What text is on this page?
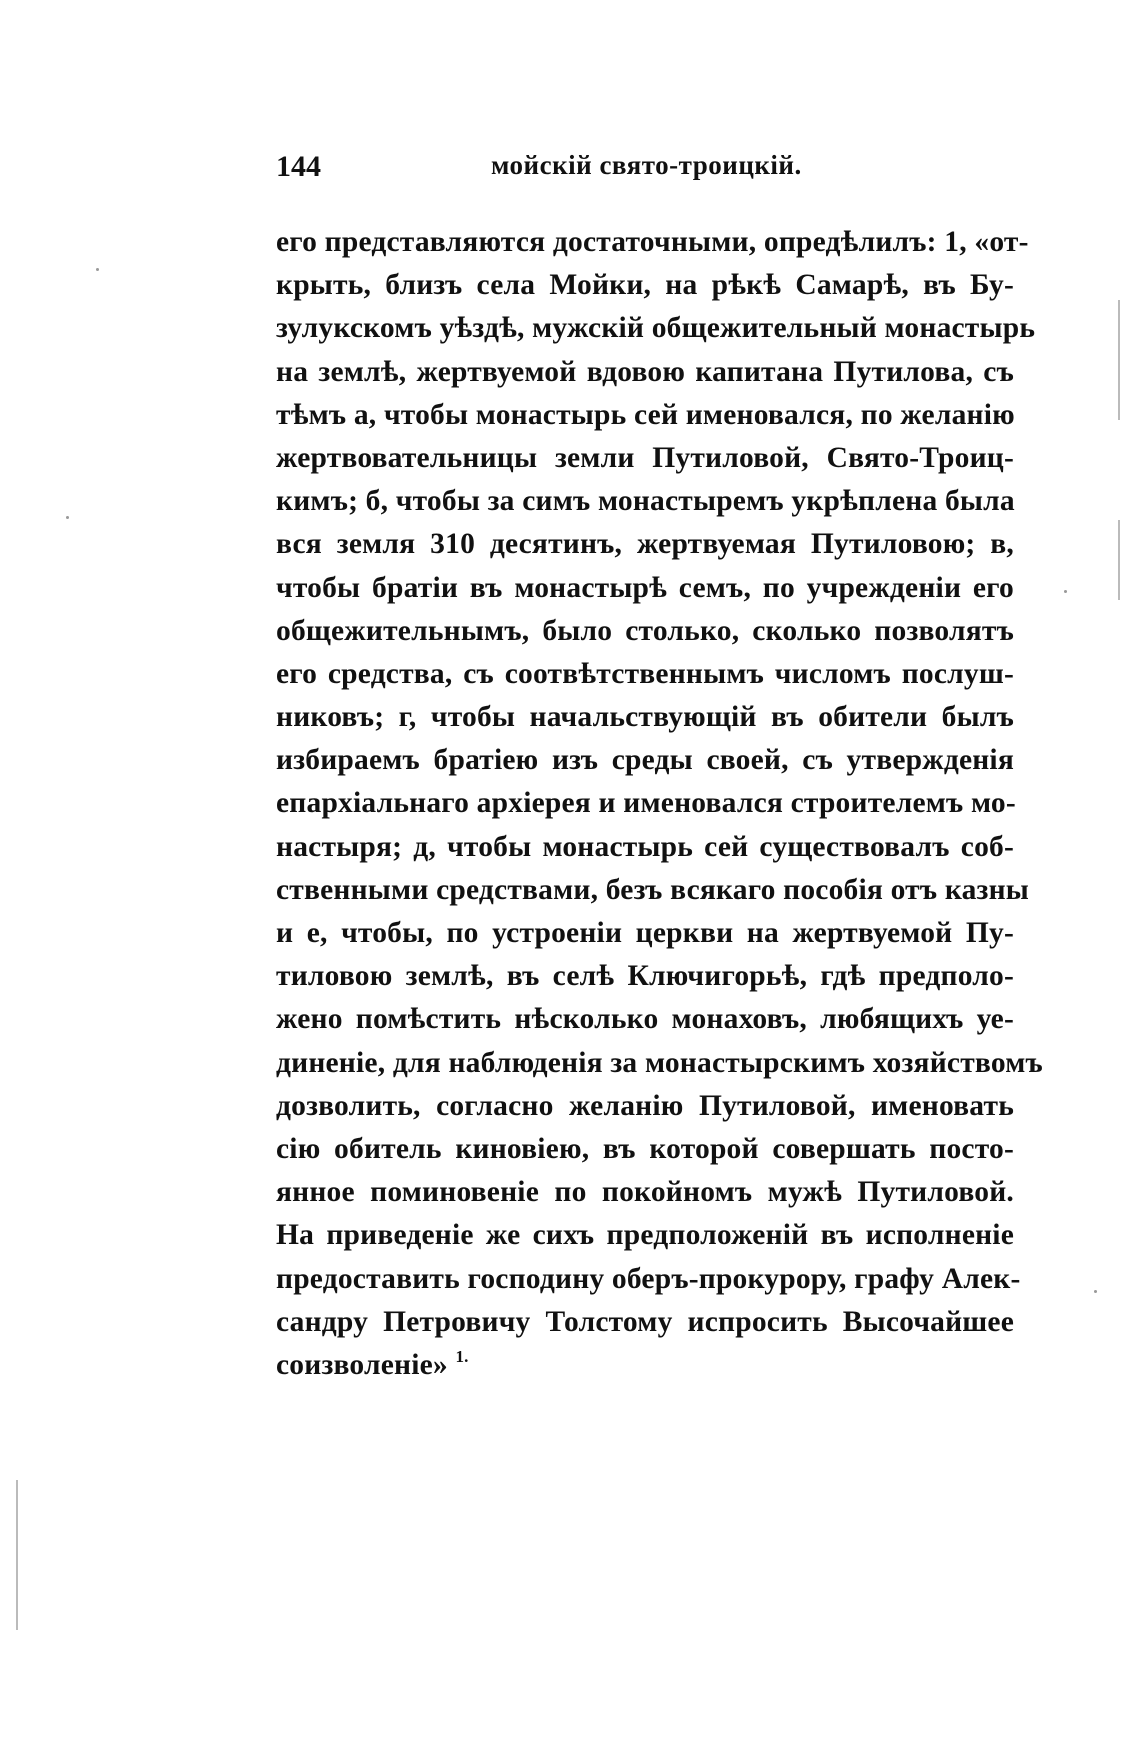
144	мойскій свято-троицкій.
его представляются достаточными, опредѣлилъ: 1, «от-
крыть, близъ села Мойки, на рѣкѣ Самарѣ, въ Бу-
зулукскомъ уѣздѣ, мужскій общежительный монастырь
на землѣ, жертвуемой вдовою капитана Путилова, съ
тѣмъ а, чтобы монастырь сей именовался, по желанію
жертвовательницы земли Путиловой, Свято-Троиц-
кимъ; б, чтобы за симъ монастыремъ укрѣплена была
вся земля 310 десятинъ, жертвуемая Путиловою; в,
чтобы братіи въ монастырѣ семъ, по учрежденіи его
общежительнымъ, было столько, сколько позволятъ
его средства, съ соотвѣтственнымъ числомъ послуш-
никовъ; г, чтобы начальствующій въ обители былъ
избираемъ братіею изъ среды своей, съ утвержденія
епархіальнаго архіерея и именовался строителемъ мо-
настыря; д, чтобы монастырь сей существовалъ соб-
ственными средствами, безъ всякаго пособія отъ казны
и е, чтобы, по устроеніи церкви на жертвуемой Пу-
тиловою землѣ, въ селѣ Ключигорьѣ, гдѣ предполо-
жено помѣстить нѣсколько монаховъ, любящихъ уе-
диненіе, для наблюденія за монастырскимъ хозяйствомъ
дозволить, согласно желанію Путиловой, именовать
сію обитель киновіею, въ которой совершать посто-
янное поминовеніе по покойномъ мужѣ Путиловой.
На приведеніе же сихъ предположеній въ исполненіе
предоставить господину оберъ-прокурору, графу Алек-
сандру Петровичу Толстому испросить Высочайшее
соизволеніе» $^{1.}$
